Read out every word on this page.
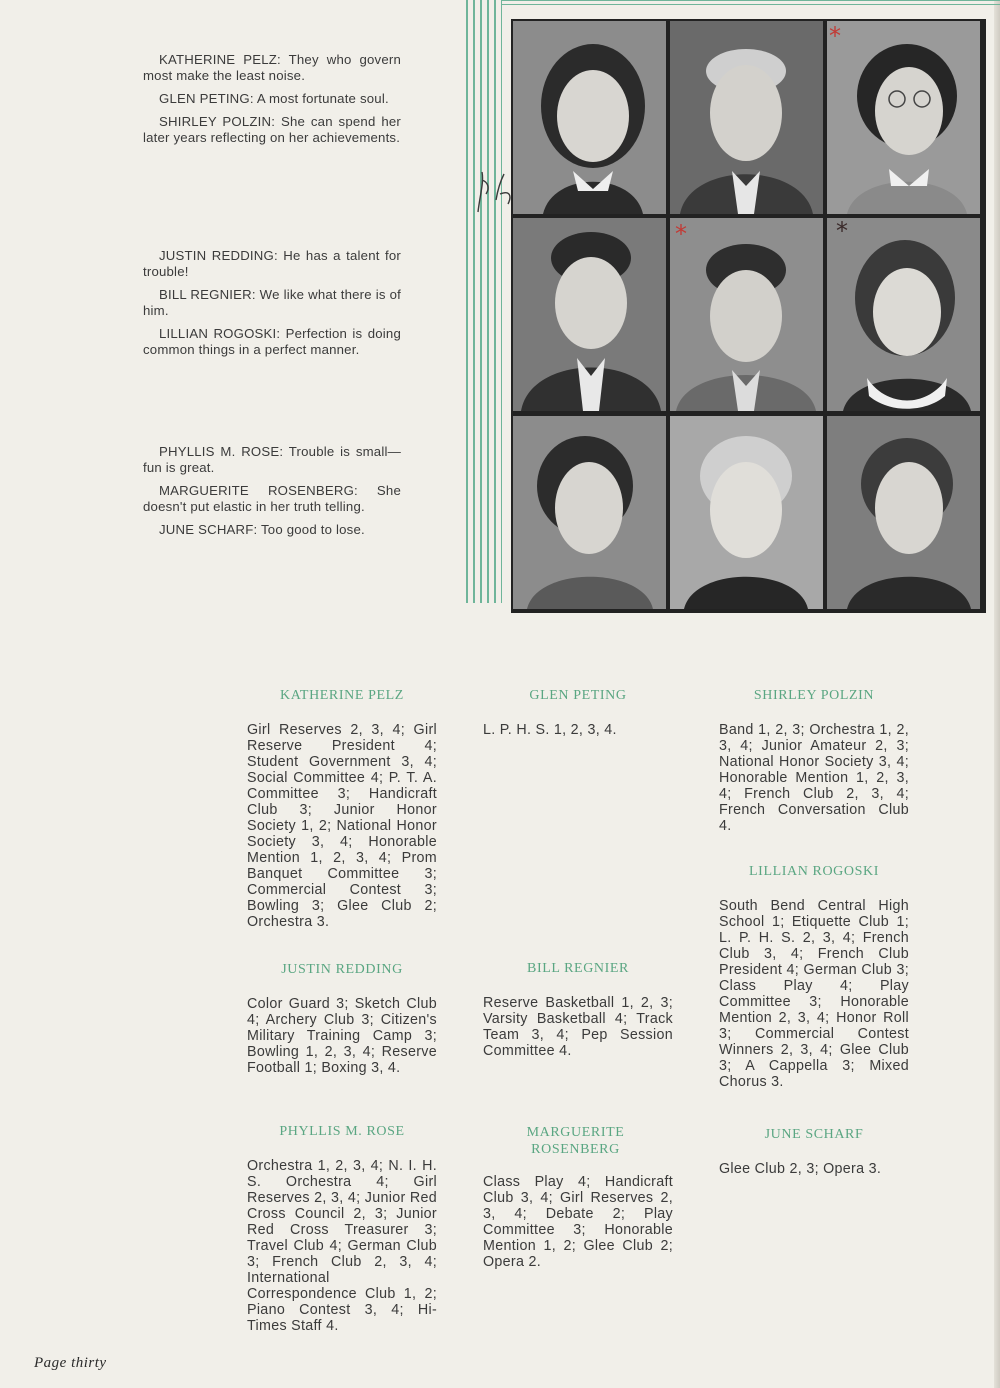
KATHERINE PELZ: They who govern most make the least noise.

GLEN PETING: A most fortunate soul.

SHIRLEY POLZIN: She can spend her later years reflecting on her achievements.

JUSTIN REDDING: He has a talent for trouble!

BILL REGNIER: We like what there is of him.

LILLIAN ROGOSKI: Perfection is doing common things in a perfect manner.

PHYLLIS M. ROSE: Trouble is small—fun is great.

MARGUERITE ROSENBERG: She doesn't put elastic in her truth telling.

JUNE SCHARF: Too good to lose.

*
*	*

KATHERINE PELZ

Girl Reserves 2, 3, 4; Girl Reserve President 4; Student Government 3, 4; Social Committee 4; P. T. A. Committee 3; Handicraft Club 3; Junior Honor Society 1, 2; National Honor Society 3, 4; Honorable Mention 1, 2, 3, 4; Prom Banquet Committee 3; Commercial Contest 3; Bowling 3; Glee Club 2; Orchestra 3.

JUSTIN REDDING

Color Guard 3; Sketch Club 4; Archery Club 3; Citizen's Military Training Camp 3; Bowling 1, 2, 3, 4; Reserve Football 1; Boxing 3, 4.

PHYLLIS M. ROSE

Orchestra 1, 2, 3, 4; N. I. H. S. Orchestra 4; Girl Reserves 2, 3, 4; Junior Red Cross Council 2, 3; Junior Red Cross Treasurer 3; Travel Club 4; German Club 3; French Club 2, 3, 4; International Correspondence Club 1, 2; Piano Contest 3, 4; Hi-Times Staff 4.

GLEN PETING

L. P. H. S. 1, 2, 3, 4.

BILL REGNIER

Reserve Basketball 1, 2, 3; Varsity Basketball 4; Track Team 3, 4; Pep Session Committee 4.

MARGUERITE ROSENBERG

Class Play 4; Handicraft Club 3, 4; Girl Reserves 2, 3, 4; Debate 2; Play Committee 3; Honorable Mention 1, 2; Glee Club 2; Opera 2.

SHIRLEY POLZIN

Band 1, 2, 3; Orchestra 1, 2, 3, 4; Junior Amateur 2, 3; National Honor Society 3, 4; Honorable Mention 1, 2, 3, 4; French Club 2, 3, 4; French Conversation Club 4.

LILLIAN ROGOSKI

South Bend Central High School 1; Etiquette Club 1; L. P. H. S. 2, 3, 4; French Club 3, 4; French Club President 4; German Club 3; Class Play 4; Play Committee 3; Honorable Mention 2, 3, 4; Honor Roll 3; Commercial Contest Winners 2, 3, 4; Glee Club 3; A Cappella 3; Mixed Chorus 3.

JUNE SCHARF

Glee Club 2, 3; Opera 3.

Page thirty
